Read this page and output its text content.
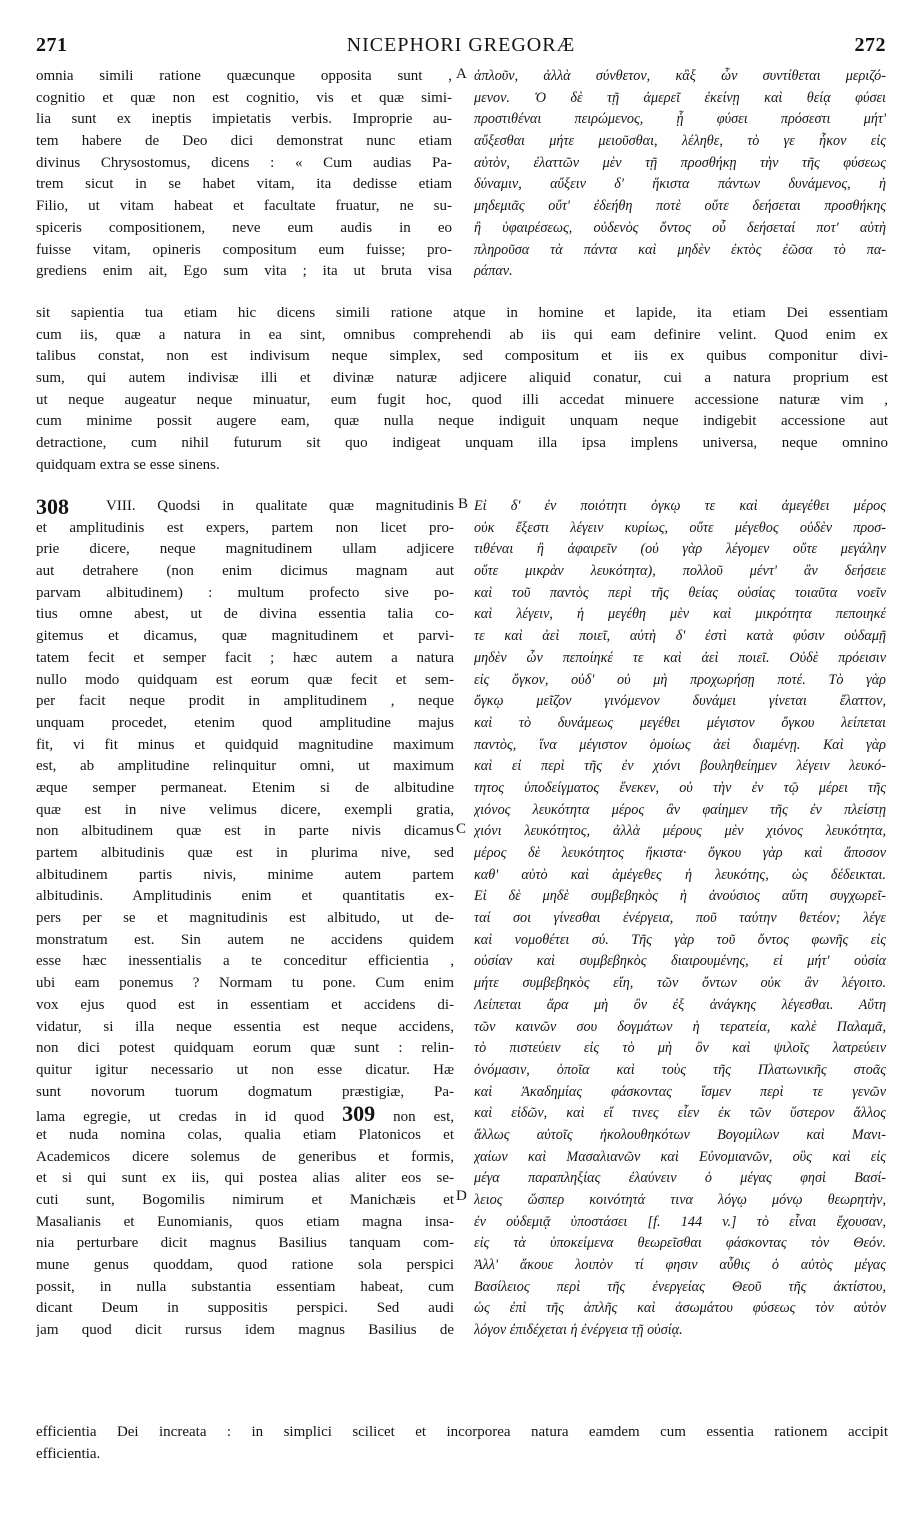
271	NICEPHORI GREGORÆ	272
omnia simili ratione quæcunque opposita sunt ,
cognitio et quæ non est cognitio, vis et quæ simi-
lia sunt ex ineptis impietatis verbis. Improprie au-
tem habere de Deo dici demonstrat nunc etiam
divinus Chrysostomus, dicens : « Cum audias Pa-
trem sicut in se habet vitam, ita dedisse etiam
Filio, ut vitam habeat et facultate fruatur, ne su-
spiceris compositionem, neve eum audis in eo
fuisse vitam, opineris compositum eum fuisse; pro-
grediens enim ait, Ego sum vita ; ita ut bruta visa
A ἁπλοῦν, ἀλλὰ σύνθετον, κἂξ ὧν συντίθεται μεριζό-
μενον. Ὁ δὲ τῇ ἀμερεῖ ἐκείνῃ καὶ θείᾳ φύσει
προστιθέναι πειρώμενος, ᾗ φύσει πρόσεστι μήτ'
αὔξεσθαι μήτε μειοῦσθαι, λέληθε, τὸ γε ἧκον εἰς
αὐτὸν, ἐλαττῶν μὲν τῇ προσθήκῃ τὴν τῆς φύσεως
δύναμιν, αὔξειν δ' ἥκιστα πάντων δυνάμενος, ἡ
μηδεμιᾶς οὔτ' ἐδεήθη ποτὲ οὔτε δεήσεται προσθήκης
ἢ ὑφαιρέσεως, οὐδενὸς ὄντος οὗ δεήσεταί ποτ' αὐτὴ
πληροῦσα τὰ πάντα καὶ μηδὲν ἐκτὸς ἐῶσα τὸ πα-
ράπαν.
sit sapientia tua etiam hic dicens simili ratione atque in homine et lapide, ita etiam Dei essentiam
cum iis, quæ a natura in ea sint, omnibus comprehendi ab iis qui eam definire velint. Quod enim ex
talibus constat, non est indivisum neque simplex, sed compositum et iis ex quibus componitur divi-
sum, qui autem indivisæ illi et divinæ naturæ adjicere aliquid conatur, cui a natura proprium est
ut neque augeatur neque minuatur, eum fugit hoc, quod illi accedat minuere accessione naturæ vim ,
cum minime possit augere eam, quæ nulla neque indiguit unquam neque indigebit accessione aut
detractione, cum nihil futurum sit quo indigeat unquam illa ipsa implens universa, neque omnino
quidquam extra se esse sinens.
308	VIII. Quodsi in qualitate quæ magnitudinis
et amplitudinis est expers, partem non licet pro-
prie dicere, neque magnitudinem ullam adjicere
aut detrahere (non enim dicimus magnam aut
parvam albitudinem) : multum profecto sive po-
tius omne abest, ut de divina essentia talia co-
gitemus et dicamus, quæ magnitudinem et parvi-
tatem fecit et semper facit ; hæc autem a natura
nullo modo quidquam est eorum quæ fecit et sem-
per facit neque prodit in amplitudinem , neque
unquam procedet, etenim quod amplitudine majus
fit, vi fit minus et quidquid magnitudine maximum
est, ab amplitudine relinquitur omni, ut maximum
æque semper permaneat. Etenim si de albitudine
quæ est in nive velimus dicere, exempli gratia,
non albitudinem quæ est in parte nivis dicamus
partem albitudinis quæ est in plurima nive, sed
albitudinem partis nivis, minime autem partem
albitudinis. Amplitudinis enim et quantitatis ex-
pers per se et magnitudinis est albitudo, ut de-
monstratum est. Sin autem ne accidens quidem
esse hæc inessentialis a te conceditur efficientia ,
ubi eam ponemus ? Normam tu pone. Cum enim
vox ejus quod est in essentiam et accidens di-
vidatur, si illa neque essentia est neque accidens,
non dici potest quidquam eorum quæ sunt : relin-
quitur igitur necessario ut non esse dicatur. Hæ
sunt novorum tuorum dogmatum præstigiæ, Pa-
lama egregie, ut credas in id quod 309 non est,
et nuda nomina colas, qualia etiam Platonicos et
Academicos dicere solemus de generibus et formis,
et si qui sunt ex iis, qui postea alias aliter eos se-
cuti sunt, Bogomilis nimirum et Manichæis et
Masalianis et Eunomianis, quos etiam magna insa-
nia perturbare dicit magnus Basilius tanquam com-
mune genus quoddam, quod ratione sola perspici
possit, in nulla substantia essentiam habeat, cum
dicant Deum in suppositis perspici. Sed audi
jam quod dicit rursus idem magnus Basilius de
B
C
D
Εἰ δ' ἐν ποιότητι ὀγκῳ τε καὶ ἀμεγέθει μέρος
οὐκ ἔξεστι λέγειν κυρίως, οὔτε μέγεθος οὐδὲν προσ-
τιθέναι ἢ ἀφαιρεῖν (οὐ γὰρ λέγομεν οὔτε μεγάλην
οὔτε μικρὰν λευκότητα), πολλοῦ μέντ' ἂν δεήσειε
καὶ τοῦ παντὸς περὶ τῆς θείας οὐσίας τοιαῦτα νοεῖν
καὶ λέγειν, ἡ μεγέθη μὲν καὶ μικρότητα πεποιηκέ
τε καὶ ἀεὶ ποιεῖ, αὐτὴ δ' ἐστὶ κατὰ φύσιν οὐδαμῇ
μηδὲν ὧν πεποίηκέ τε καὶ ἀεὶ ποιεῖ. Οὐδὲ πρόεισιν
εἰς ὄγκον, οὐδ' οὐ μὴ προχωρήσῃ ποτέ. Τὸ γὰρ
ὄγκῳ μεῖζον γινόμενον δυνάμει γίνεται ἔλαττον,
καὶ τὸ δυνάμεως μεγέθει μέγιστον ὄγκου λείπεται
παντὸς, ἵνα μέγιστον ὁμοίως ἀεὶ διαμένῃ. Καὶ γὰρ
καὶ εἰ περὶ τῆς ἐν χιόνι βουληθείημεν λέγειν λευκό-
τητος ὑποδείγματος ἕνεκεν, οὐ τὴν ἐν τῷ μέρει τῆς
χιόνος λευκότητα μέρος ἂν φαίημεν τῆς ἐν πλείστῃ
χιόνι λευκότητος, ἀλλὰ μέρους μὲν χιόνος λευκότητα,
μέρος δὲ λευκότητος ἥκιστα· ὄγκου γὰρ καὶ ἄποσον
καθ' αὑτὸ καὶ ἀμέγεθες ἡ λευκότης, ὡς δέδεικται.
Εἰ δὲ μηδὲ συμβεβηκὸς ἡ ἀνούσιος αὕτη συγχωρεῖ-
ταί σοι γίνεσθαι ἐνέργεια, ποῦ ταύτην θετέον; λέγε
καὶ νομοθέτει σύ. Τῆς γὰρ τοῦ ὄντος φωνῆς εἰς
οὐσίαν καὶ συμβεβηκὸς διαιρουμένης, εἰ μήτ' οὐσία
μήτε συμβεβηκὸς εἴη, τῶν ὄντων οὐκ ἂν λέγοιτο.
Λείπεται ἄρα μὴ ὂν ἐξ ἀνάγκης λέγεσθαι. Αὕτη
τῶν καινῶν σου δογμάτων ἡ τερατεία, καλὲ Παλαμᾶ,
τὸ πιστεύειν εἰς τὸ μὴ ὂν καὶ ψιλοῖς λατρεύειν
ὀνόμασιν, ὁποῖα καὶ τοὺς τῆς Πλατωνικῆς στοᾶς
καὶ Ἀκαδημίας φάσκοντας ἴσμεν περὶ τε γενῶν
καὶ εἰδῶν, καὶ εἴ τινες εἶεν ἐκ τῶν ὕστερον ἄλλος
ἄλλως αὐτοῖς ἠκολουθηκότων Βογομίλων καὶ Μανι-
χαίων καὶ Μασαλιανῶν καὶ Εὐνομιανῶν, οὓς καὶ εἰς
μέγα παραπληξίας ἐλαύνειν ὁ μέγας φησὶ Βασί-
λειος ὥσπερ κοινότητά τινα λόγῳ μόνῳ θεωρητὴν,
ἐν οὐδεμιᾷ ὑποστάσει [f. 144 v.] τὸ εἶναι ἔχουσαν,
εἰς τὰ ὑποκείμενα θεωρεῖσθαι φάσκοντας τὸν Θεόν.
Ἀλλ' ἄκουε λοιπὸν τί φησιν αὖθις ὁ αὐτὸς μέγας
Βασίλειος περὶ τῆς ἐνεργείας Θεοῦ τῆς ἀκτίστου,
ὡς ἐπὶ τῆς ἁπλῆς καὶ ἀσωμάτου φύσεως τὸν αὐτὸν
λόγον ἐπιδέχεται ἡ ἐνέργεια τῇ οὐσίᾳ.
efficientia Dei increata : in simplici scilicet et incorporea natura eamdem cum essentia rationem accipit
efficientia.
